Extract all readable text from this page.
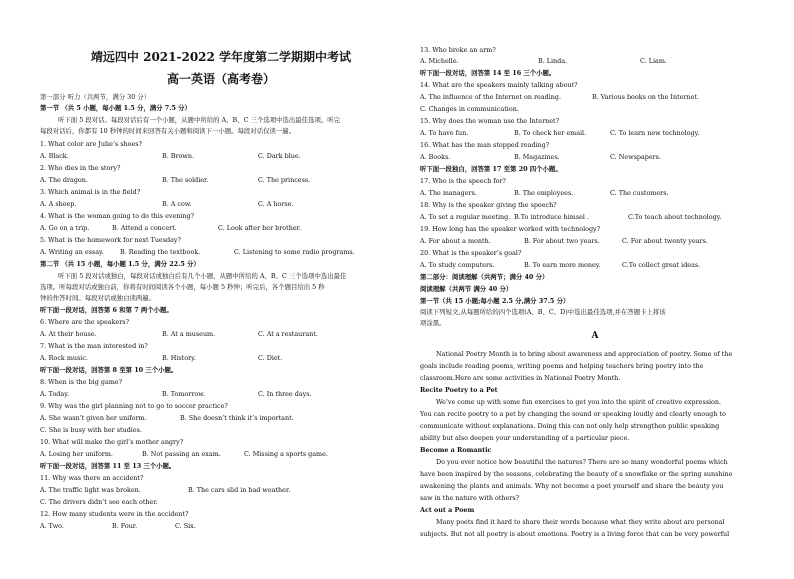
靖远四中 2021-2022 学年度第二学期期中考试
高一英语（高考卷）
第一部分 听力（共两节，满分 30 分）
第一节 （共 5 小题，每小题 1.5 分，满分 7.5 分）
听下面 5 段对话。每段对话后有一个小题，从题中所给的 A、B、C 三个选项中选出最佳选项。听完
每段对话后，你都有 10 秒钟的时间来回答有关小题和阅读下一小题。每段对话仅读一遍。
1. What color are Julie’s shoes?
A. Black.	B. Brown.	C. Dark blue.
2. Who dies in the story?
A. The dragon.	B. The soldier.	C. The princess.
3. Which animal is in the field?
A. A sheep.	B. A cow.	C. A horse.
4. What is the woman going to do this evening?
A. Go on a trip.	B. Attend a concert.	C. Look after her brother.
5. What is the homework for next Tuesday?
A. Writing an essay.	B. Reading the textbook.	C. Listening to some radio programs.
第二节 （共 15 小题，每小题 1.5 分，满分 22.5 分）
听下面 5 段对话或独白，每段对话或独白后有几个小题，从题中所给的 A、B、C 三个选项中选出最佳
选项。听每段对话或独白前，你将有时间阅读各个小题，每小题 5 秒钟；听完后，各个题目给出 5 秒
钟的作答时间。每段对话或独白读两遍。
听下面一段对话，回答第 6 和第 7 两个小题。
6. Where are the speakers?
A. At their house.	B. At a museum.	C. At a restaurant.
7. What is the man interested in?
A. Rock music.	B. History.	C. Diet.
听下面一段对话，回答第 8 至第 10 三个小题。
8. When is the big game?
A. Today.	B. Tomorrow.	C. In three days.
9. Why was the girl planning not to go to soccer practice?
A. She wasn’t given her uniform.	B. She doesn’t think it’s important.
C. She is busy with her studies.
10. What will make the girl’s mother angry?
A. Losing her uniform.	B. Not passing an exam.	C. Missing a sports game.
听下面一段对话，回答第 11 至 13 三个小题。
11. Why was there an accident?
A. The traffic light was broken.	B. The cars slid in bad weather.
C. The drivers didn’t see each other.
12. How many students were in the accident?
A. Two.	B. Four.	C. Six.
13. Who broke an arm?
A. Michelle.	B. Linda.	C. Liam.
听下面一段对话，回答第 14 至 16 三个小题。
14. What are the speakers mainly talking about?
A. The influence of the Internet on reading.	B. Various books on the Internet.
C. Changes in communication.
15. Why does the woman use the Internet?
A. To have fun.	B. To check her email.	C. To learn new technology.
16. What has the man stopped reading?
A. Books.	B. Magazines.	C. Newspapers.
听下面一段独白，回答第 17 至第 20 四个小题。
17. Who is the speech for?
A. The managers.	B. The employees.	C. The customers.
18. Why is the speaker giving the speech?
A. To set a regular meeting. B.To introduce himsel .	C.To teach about technology.
19. How long has the speaker worked with technology?
A. For about a month.	B. For about two years.	C. For about twenty years.
20. What is the speaker’s goal?
A. To study computers.	B. To earn more money.	C.To collect great ideas.
第二部分：阅读理解（共两节；满分 40 分）
阅读理解（共两节 满分 40 分）
第一节（共 15 小题;每小题 2.5 分,满分 37.5 分）
阅读下列短文,从每题所给的四个选项(A、B、C、D)中选出最佳选项,并在答题卡上将该
项涂黑。
A
National Poetry Month is to bring about awareness and appreciation of poetry. Some of the
goals include reading poems, writing poems and helping teachers bring poetry into the
classroom.Here are some activities in National Poetry Month.
Recite Poetry to a Pet
We’ve come up with some fun exercises to get you into the spirit of creative expression.
You can recite poetry to a pet by changing the sound or speaking loudly and clearly enough to
communicate without explanations. Doing this can not only help strengthen public speaking
ability but also deepen your understanding of a particular piece.
Become a Romantic
Do you ever notice how beautiful the natures? There are so many wonderful poems which
have been inspired by the seasons, celebrating the beauty of a snowflake or the spring sunshine
awakening the plants and animals. Why not become a poet yourself and share the beauty you
saw in the nature with others?
Act out a Poem
Many poets find it hard to share their words because what they write about are personal
subjects. But not all poetry is about emotions. Poetry is a living force that can be very powerful
